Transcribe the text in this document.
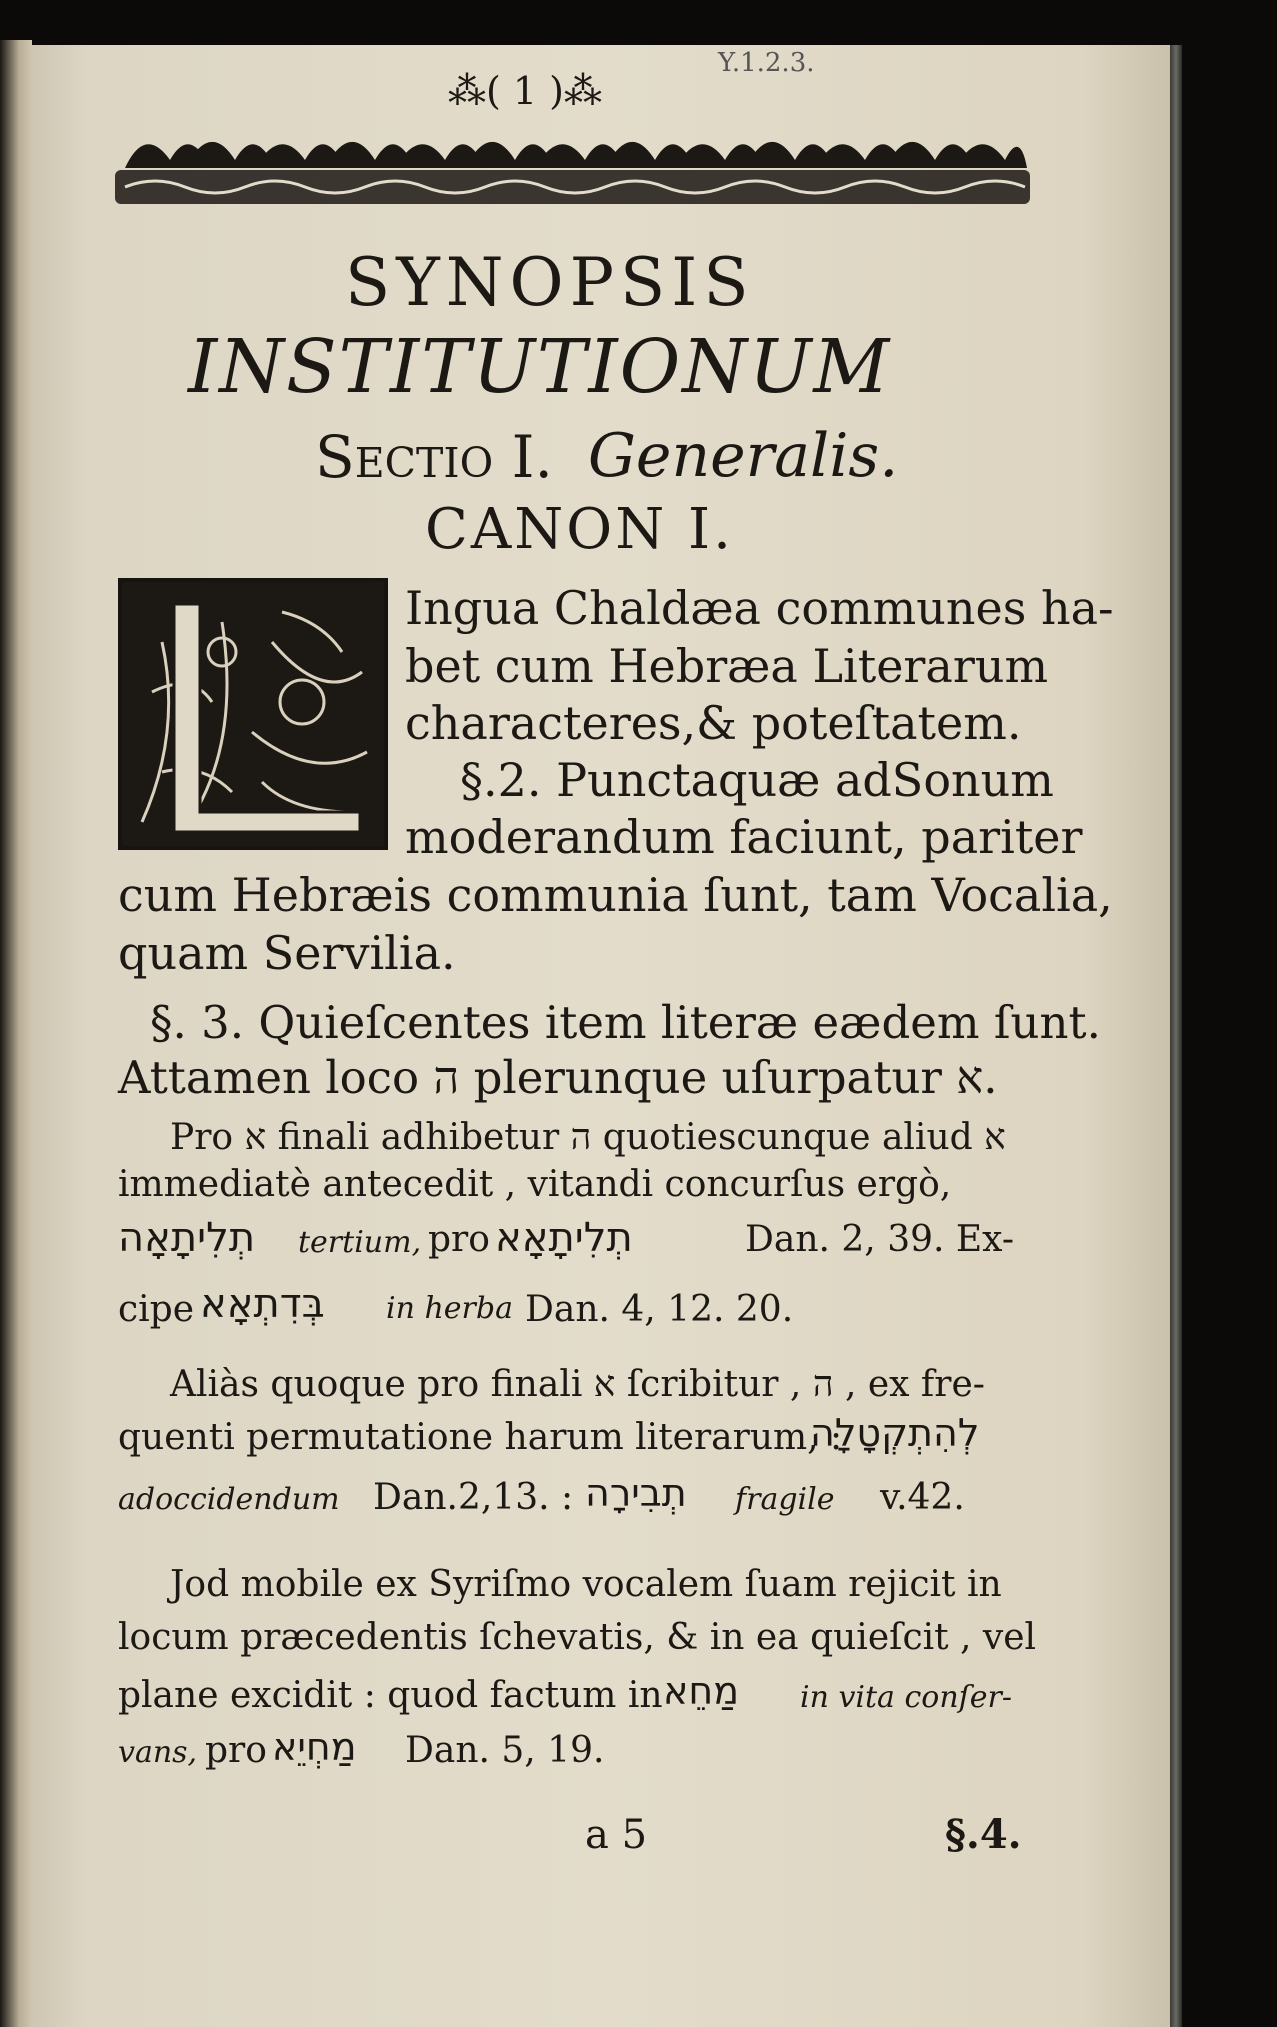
⁂( 1 )⁂
Y.1.2.3.
SYNOPSIS
INSTITUTIONUM
Sectio I. Generalis.
CANON I.
Ingua Chaldæa communes ha-
bet cum Hebræa Literarum
characteres,& poteſtatem.
§.2. Punctaquæ adSonum
moderandum faciunt, pariter
cum Hebræis communia ſunt, tam Vocalia,
quam Servilia.
§. 3. Quieſcentes item literæ eædem ſunt.
Attamen loco ה plerunque uſurpatur א.
Pro א finali adhibetur ה quotiescunque aliud א
immediatè antecedit , vitandi concurſus ergò,
תְלִיתָאָה tertium, pro תְלִיתָאָא	Dan. 2, 39. Ex-
cipe בְּדִתְאָא in herba Dan. 4, 12. 20.
Aliàs quoque pro finali א ſcribitur , ה , ex fre-
quenti permutatione harum literarum, :
לְהִתְקְטָלָה
adoccidendum Dan.2,13. : תְבִירָה fragile v.42.
Jod mobile ex Syriſmo vocalem ſuam rejicit in
locum præcedentis ſchevatis, & in ea quieſcit , vel
plane excidit : quod factum in מַחֵא in vita conſer-
vans, pro מַחְיֵא Dan. 5, 19.
a 5	§.4.
